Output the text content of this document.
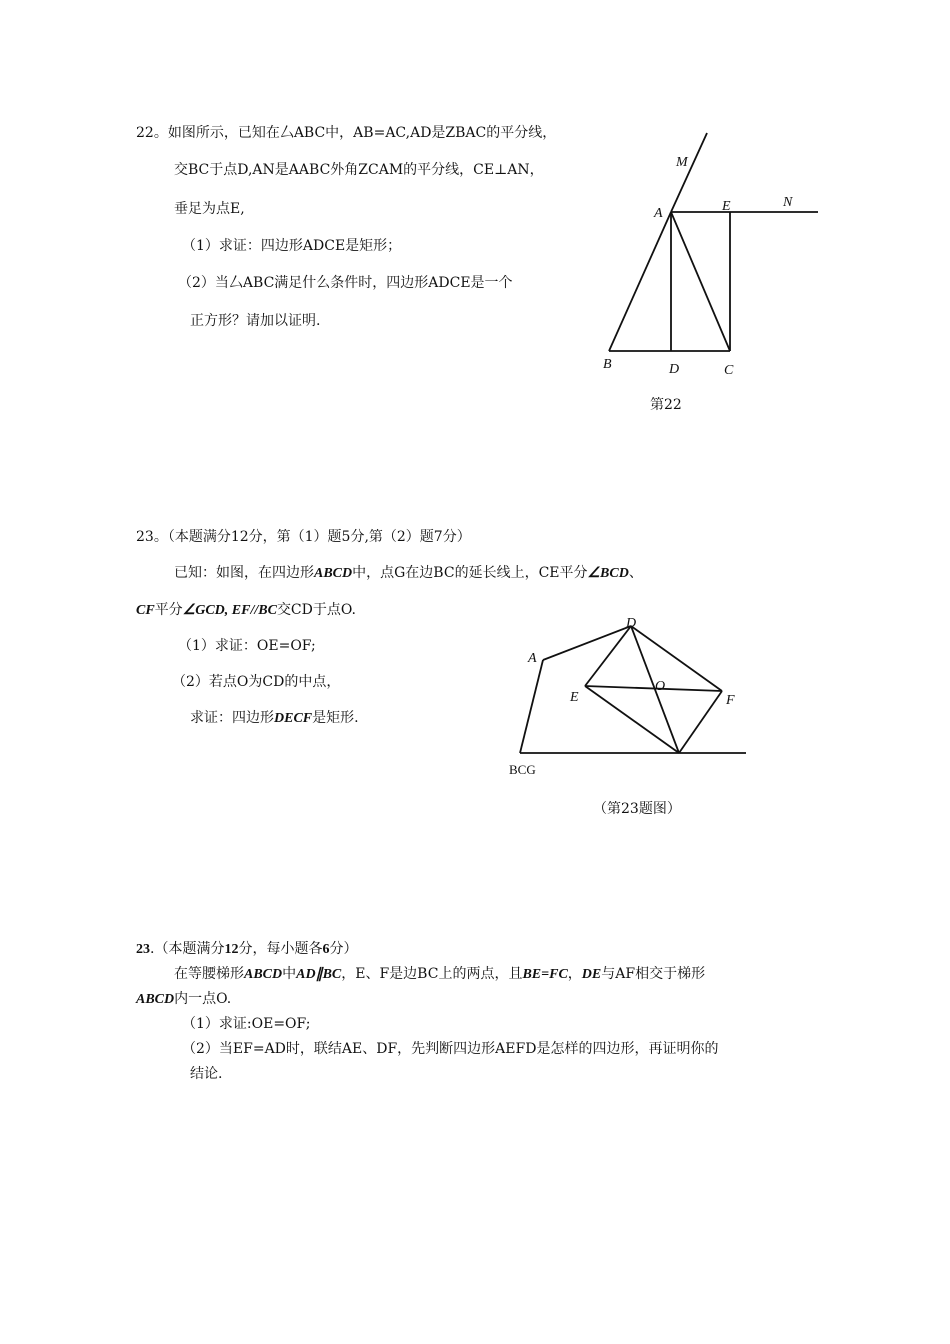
22。如图所示，已知在厶ABC中，AB=AC,AD是ZBAC的平分线，
交BC于点D,AN是AABC外角ZCAM的平分线，CE⊥AN，
垂足为点E,
（1）求证：四边形ADCE是矩形；
（2）当厶ABC满足什么条件时，四边形ADCE是一个
正方形？请加以证明.
M
A	E	N
B	D	C
第22
23。（本题满分12分，第（1）题5分,第（2）题7分）
已知：如图，在四边形ABCD中，点G在边BC的延长线上，CE平分∠BCD、
CF平分∠GCD, EF//BC交CD于点O.
（1）求证：OE=OF;
（2）若点O为CD的中点，
求证：四边形DECF是矩形.
A
D
E
O
F
BCG
（第23题图）
23.（本题满分12分，每小题各6分）
在等腰梯形ABCD中AD∥BC，E、F是边BC上的两点，且BE=FC，DE与AF相交于梯形
ABCD内一点O.
（1）求证:OE=OF;
（2）当EF=AD时，联结AE、DF，先判断四边形AEFD是怎样的四边形，再证明你的
结论.
